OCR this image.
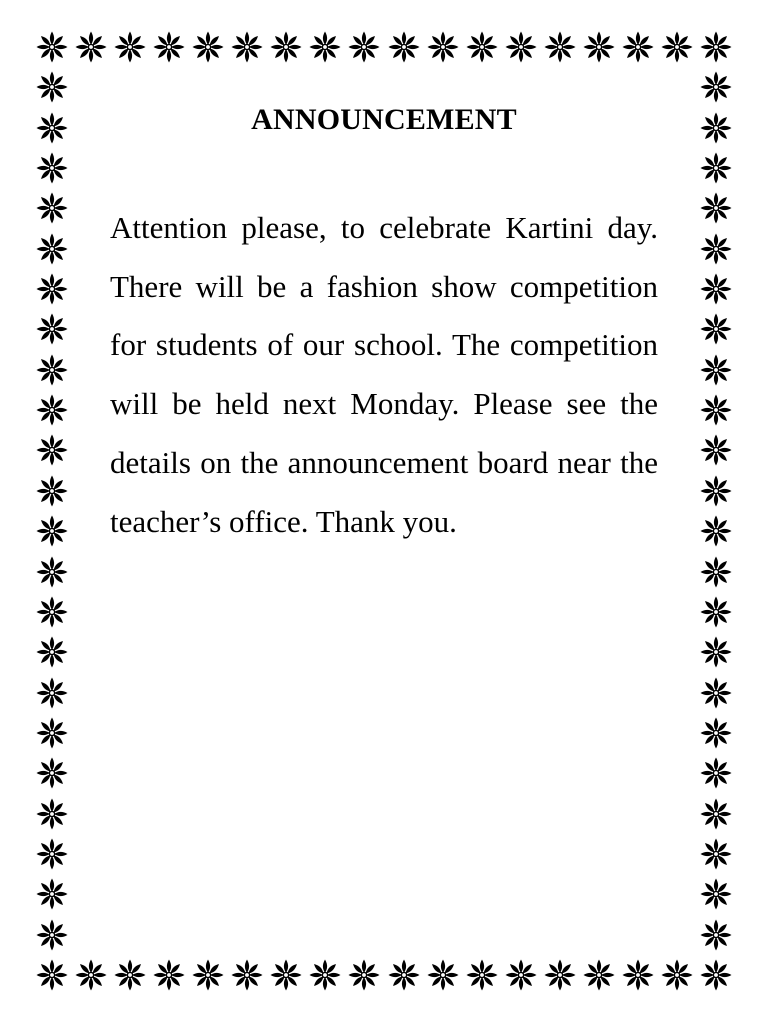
ANNOUNCEMENT

Attention please, to celebrate Kartini day. There will be a fashion show competition for students of our school. The competition will be held next Monday. Please see the details on the announcement board near the teacher’s office. Thank you.
